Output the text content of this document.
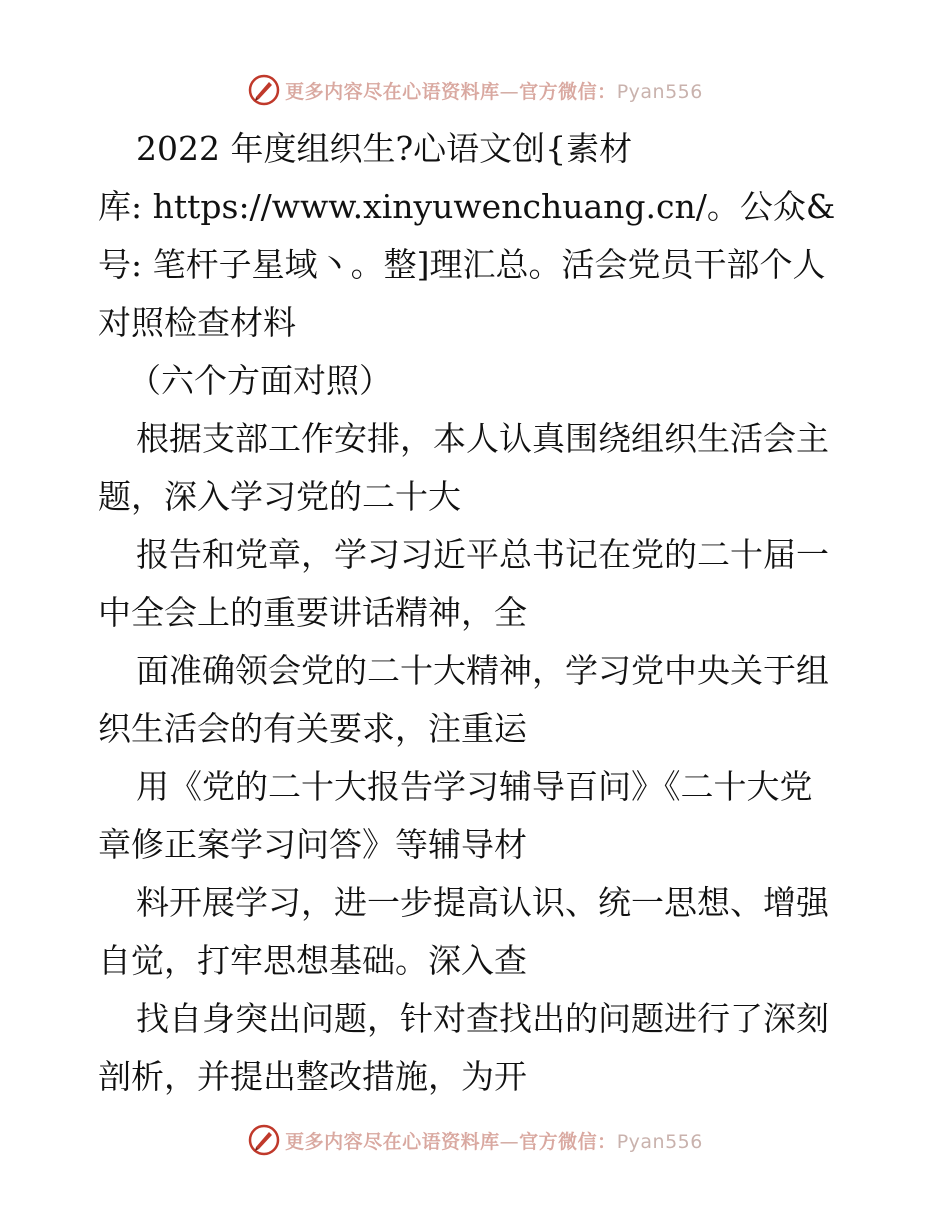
更多内容尽在心语资料库—官方微信：Pyan556
2022 年度组织生?心语文创{素材
库: https://www.xinyuwenchuang.cn/。公众&
号: 笔杆子星域丶。整]理汇总。活会党员干部个人
对照检查材料
（六个方面对照）
根据支部工作安排，本人认真围绕组织生活会主
题，深入学习党的二十大
报告和党章，学习习近平总书记在党的二十届一
中全会上的重要讲话精神，全
面准确领会党的二十大精神，学习党中央关于组
织生活会的有关要求，注重运
用《党的二十大报告学习辅导百问》《二十大党
章修正案学习问答》等辅导材
料开展学习，进一步提高认识、统一思想、增强
自觉，打牢思想基础。深入查
找自身突出问题，针对查找出的问题进行了深刻
剖析，并提出整改措施，为开
更多内容尽在心语资料库—官方微信：Pyan556
